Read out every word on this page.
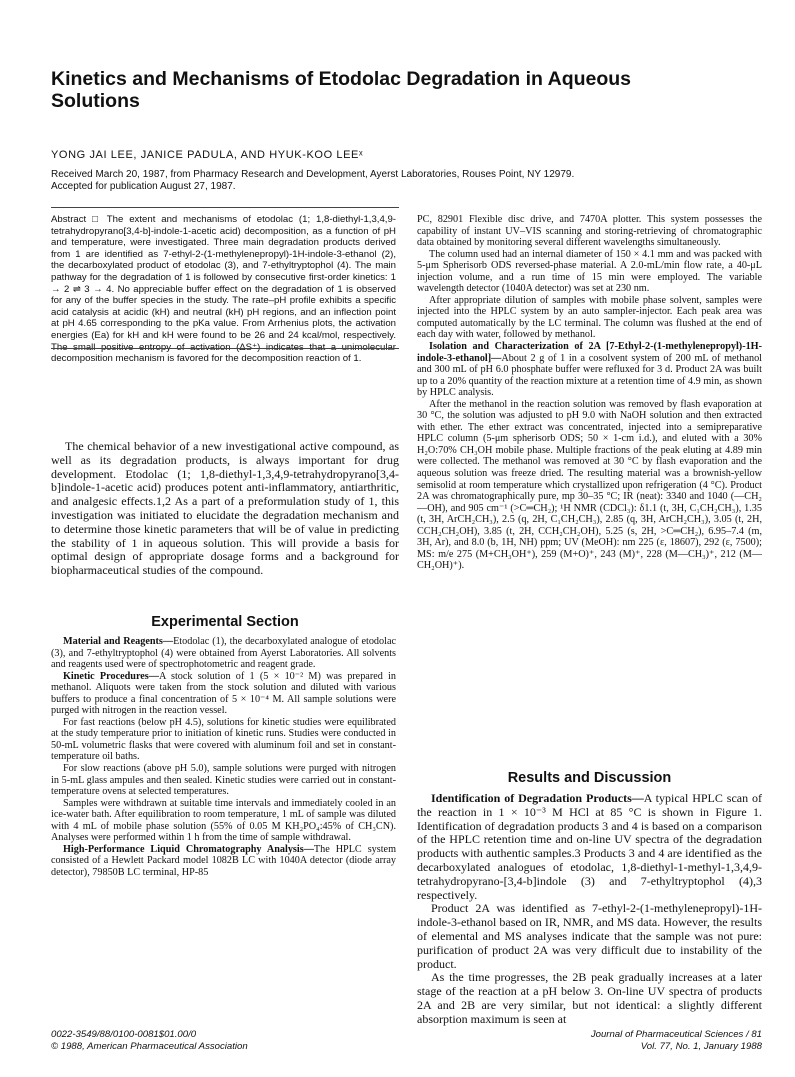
Kinetics and Mechanisms of Etodolac Degradation in Aqueous Solutions
YONG JAI LEE, JANICE PADULA, AND HYUK-KOO LEEˣ
Received March 20, 1987, from Pharmacy Research and Development, Ayerst Laboratories, Rouses Point, NY 12979.
Accepted for publication August 27, 1987.
Abstract □ The extent and mechanisms of etodolac (1; 1,8-diethyl-1,3,4,9-tetrahydropyrano[3,4-b]-indole-1-acetic acid) decomposition, as a function of pH and temperature, were investigated. Three main degradation products derived from 1 are identified as 7-ethyl-2-(1-methylenepropyl)-1H-indole-3-ethanol (2), the decarboxylated product of etodolac (3), and 7-ethyltryptophol (4). The main pathway for the degradation of 1 is followed by consecutive first-order kinetics: 1 → 2 ⇌ 3 → 4. No appreciable buffer effect on the degradation of 1 is observed for any of the buffer species in the study. The rate–pH profile exhibits a specific acid catalysis at acidic (kH) and neutral (kH) pH regions, and an inflection point at pH 4.65 corresponding to the pKa value. From Arrhenius plots, the activation energies (Ea) for kH and kH were found to be 26 and 24 kcal/mol, respectively. The small positive entropy of activation (ΔS⁺) indicates that a unimolecular decomposition mechanism is favored for the decomposition reaction of 1.

The chemical behavior of a new investigational active compound, as well as its degradation products, is always important for drug development. Etodolac (1; 1,8-diethyl-1,3,4,9-tetrahydropyrano[3,4-b]indole-1-acetic acid) produces potent anti-inflammatory, antiarthritic, and analgesic effects.1,2 As a part of a preformulation study of 1, this investigation was initiated to elucidate the degradation mechanism and to determine those kinetic parameters that will be of value in predicting the stability of 1 in aqueous solution. This will provide a basis for optimal design of appropriate dosage forms and a background for biopharmaceutical studies of the compound.

Experimental Section

Material and Reagents—Etodolac (1), the decarboxylated analogue of etodolac (3), and 7-ethyltryptophol (4) were obtained from Ayerst Laboratories. All solvents and reagents used were of spectrophotometric and reagent grade.

Kinetic Procedures—A stock solution of 1 (5 × 10⁻² M) was prepared in methanol. Aliquots were taken from the stock solution and diluted with various buffers to produce a final concentration of 5 × 10⁻⁴ M. All sample solutions were purged with nitrogen in the reaction vessel.

For fast reactions (below pH 4.5), solutions for kinetic studies were equilibrated at the study temperature prior to initiation of kinetic runs. Studies were conducted in 50-mL volumetric flasks that were covered with aluminum foil and set in constant-temperature oil baths.

For slow reactions (above pH 5.0), sample solutions were purged with nitrogen in 5-mL glass ampules and then sealed. Kinetic studies were carried out in constant-temperature ovens at selected temperatures.

Samples were withdrawn at suitable time intervals and immediately cooled in an ice-water bath. After equilibration to room temperature, 1 mL of sample was diluted with 4 mL of mobile phase solution (55% of 0.05 M KH₂PO₄:45% of CH₃CN). Analyses were performed within 1 h from the time of sample withdrawal.

High-Performance Liquid Chromatography Analysis—The HPLC system consisted of a Hewlett Packard model 1082B LC with 1040A detector (diode array detector), 79850B LC terminal, HP-85

PC, 82901 Flexible disc drive, and 7470A plotter. This system possesses the capability of instant UV–VIS scanning and storing-retrieving of chromatographic data obtained by monitoring several different wavelengths simultaneously.

The column used had an internal diameter of 150 × 4.1 mm and was packed with 5-μm Spherisorb ODS reversed-phase material. A 2.0-mL/min flow rate, a 40-μL injection volume, and a run time of 15 min were employed. The variable wavelength detector (1040A detector) was set at 230 nm.

After appropriate dilution of samples with mobile phase solvent, samples were injected into the HPLC system by an auto sampler-injector. Each peak area was computed automatically by the LC terminal. The column was flushed at the end of each day with water, followed by methanol.

Isolation and Characterization of 2A [7-Ethyl-2-(1-methylenepropyl)-1H-indole-3-ethanol]—About 2 g of 1 in a cosolvent system of 200 mL of methanol and 300 mL of pH 6.0 phosphate buffer were refluxed for 3 d. Product 2A was built up to a 20% quantity of the reaction mixture at a retention time of 4.9 min, as shown by HPLC analysis.

After the methanol in the reaction solution was removed by flash evaporation at 30 °C, the solution was adjusted to pH 9.0 with NaOH solution and then extracted with ether. The ether extract was concentrated, injected into a semipreparative HPLC column (5-μm spherisorb ODS; 50 × 1-cm i.d.), and eluted with a 30% H₂O:70% CH₃OH mobile phase. Multiple fractions of the peak eluting at 4.89 min were collected. The methanol was removed at 30 °C by flash evaporation and the aqueous solution was freeze dried. The resulting material was a brownish-yellow semisolid at room temperature which crystallized upon refrigeration (4 °C). Product 2A was chromatographically pure, mp 30–35 °C; IR (neat): 3340 and 1040 (—CH₂—OH), and 905 cm⁻¹ (>C═CH₂); ¹H NMR (CDCl₃): δ1.1 (t, 3H, C₁CH₂CH₃), 1.35 (t, 3H, ArCH₂CH₃), 2.5 (q, 2H, C₁CH₂CH₃), 2.85 (q, 3H, ArCH₂CH₃), 3.05 (t, 2H, CCH₂CH₂OH), 3.85 (t, 2H, CCH₂CH₂OH), 5.25 (s, 2H, >C═CH₂), 6.95–7.4 (m, 3H, Ar), and 8.0 (b, 1H, NH) ppm; UV (MeOH): nm 225 (ε, 18607), 292 (ε, 7500); MS: m/e 275 (M+CH₃OH⁺), 259 (M+O)⁺, 243 (M)⁺, 228 (M—CH₃)⁺, 212 (M—CH₂OH)⁺).

Results and Discussion

Identification of Degradation Products—A typical HPLC scan of the reaction in 1 × 10⁻³ M HCl at 85 °C is shown in Figure 1. Identification of degradation products 3 and 4 is based on a comparison of the HPLC retention time and on-line UV spectra of the degradation products with authentic samples.3 Products 3 and 4 are identified as the decarboxylated analogues of etodolac, 1,8-diethyl-1-methyl-1,3,4,9-tetrahydropyrano-[3,4-b]indole (3) and 7-ethyltryptophol (4),3 respectively.

Product 2A was identified as 7-ethyl-2-(1-methylenepropyl)-1H-indole-3-ethanol based on IR, NMR, and MS data. However, the results of elemental and MS analyses indicate that the sample was not pure: purification of product 2A was very difficult due to instability of the product.

As the time progresses, the 2B peak gradually increases at a later stage of the reaction at a pH below 3. On-line UV spectra of products 2A and 2B are very similar, but not identical: a slightly different absorption maximum is seen at

0022-3549/88/0100-0081$01.00/0
© 1988, American Pharmaceutical Association
Journal of Pharmaceutical Sciences / 81
Vol. 77, No. 1, January 1988
